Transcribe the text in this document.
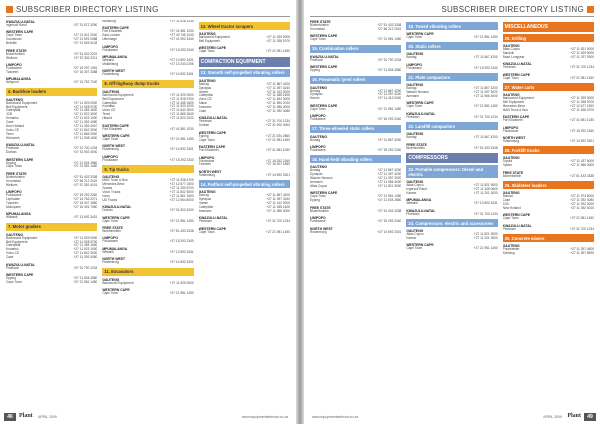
SUBSCRIBER DIRECTORY LISTING
KWAZULU-NATAL
Ingersoll Rand	+27 31 572 3290
WESTERN CAPE
Cape Town	+27 21 511 2040
Goodwood	+27 21 591 0088
Bellville	+27 21 949 4133
FREE STATE
Bloemfontein	+27 51 432 2222
Welkom	+27 57 352 2211
LIMPOPO
Polokwane	+27 15 297 1391
Tzaneen	+27 15 307 3388
MPUMALANGA
Nelspruit	+27 13 752 7100
4. Backhoe loaders
GAUTENG
Barloworld Equipment	+27 11 929 0000
Bell Equipment	+27 11 928 9700
Caterpillar	+27 11 455 1600
JCB	+27 11 922 3000
Komatsu	+27 11 923 1000
Case	+27 11 392 4080
New Holland	+27 11 392 4010
Volvo CE	+27 11 842 3000
Terex	+27 11 865 2540
Hidromek	+27 11 908 1600
KWAZULU-NATAL
Pinetown	+27 31 700 1234
Durban	+27 31 902 4000
WESTERN CAPE
Epping	+27 21 534 2860
Cape Town	+27 21 981 1450
FREE STATE
Bloemfontein	+27 51 433 3338
Kroonstad	+27 56 212 2022
Welkom	+27 57 352 4101
LIMPOPO
Polokwane	+27 15 292 2340
Lephalale	+27 14 763 2271
Tzaneen	+27 15 307 1850
Mokopane	+27 15 491 7060
MPUMALANGA
Witbank	+27 13 692 3431
7. Motor graders
GAUTENG
Barloworld Equipment	+27 11 929 0000
Bell Equipment	+27 11 928 9700
Caterpillar	+27 11 455 1600
Komatsu	+27 11 923 1000
Volvo CE	+27 11 842 3000
Case	+27 11 392 4080
KWAZULU-NATAL
Pinetown	+27 31 700 1234
WESTERN CAPE
Epping	+27 21 534 2860
Cape Town	+27 21 981 1450
Boksburg	+27 11 918 1234
EASTERN CAPE
Port Elizabeth	+27 41 581 1030
East London	+27 43 745 1040
Uitenhage	+27 41 992 3340
LIMPOPO
Polokwane	+27 15 292 2340
MPUMALANGA
Witbank	+27 13 692 3431
Middelburg	+27 13 243 2255
NORTH WEST
Rustenburg	+27 14 592 3301
8. Off-highway dump trucks
GAUTENG
Barloworld Equipment	+27 11 929 0000
Bell Equipment	+27 11 928 9700
Caterpillar	+27 11 455 1600
Komatsu	+27 11 923 1000
Volvo CE	+27 11 842 3000
Terex	+27 11 865 2540
Hitachi	+27 11 823 2222
EASTERN CAPE
Port Elizabeth	+27 41 581 1030
WESTERN CAPE
Cape Town	+27 21 981 1450
NORTH WEST
Rustenburg	+27 14 592 3301
LIMPOPO
Polokwane	+27 15 292 2340
9. Tip trucks
GAUTENG
MAN Truck & Bus	+27 11 928 4700
Mercedes-Benz	+27 12 677 1500
Scania	+27 11 250 6700
Volvo Trucks	+27 11 842 5000
Iveco	+27 11 861 3400
UD Trucks	+27 12 564 8000
KWAZULU-NATAL
Durban	+27 31 902 4000
WESTERN CAPE
Cape Town	+27 21 981 1450
FREE STATE
Bloemfontein	+27 51 433 3338
LIMPOPO
Polokwane	+27 15 292 2340
MPUMALANGA
Witbank	+27 13 692 3431
NORTH WEST
Rustenburg	+27 14 592 3301
11. Excavators
GAUTENG
Barloworld Equipment	+27 11 929 0000
WESTERN CAPE
Cape Town	+27 21 981 1450
12. Wheel tractor scrapers
GAUTENG
Barloworld Equipment	+27 11 929 0000
Bell Equipment	+27 11 928 9700
WESTERN CAPE
Cape Town	+27 21 981 1450
COMPACTION EQUIPMENT
13. Smooth self-propelled vibrating rollers
GAUTENG
Bomag	+27 11 867 4200
Dynapac	+27 11 397 4240
Hamm	+27 11 412 0000
Caterpillar	+27 11 455 1600
Volvo CE	+27 11 842 3000
Sakai	+27 11 894 2020
Ammann	+27 11 966 4000
Case	+27 11 392 4080
KWAZULU-NATAL
Pinetown	+27 31 700 1234
Durban	+27 31 902 4000
WESTERN CAPE
Epping	+27 21 534 2860
Cape Town	+27 21 981 1450
EASTERN CAPE
Port Elizabeth	+27 41 581 1030
LIMPOPO
Polokwane	+27 15 292 2340
Tzaneen	+27 15 307 1850
NORTH WEST
Rustenburg	+27 14 592 3301
14. Padfoot self-propelled vibrating rollers
GAUTENG
Bomag	+27 11 867 4200
Dynapac	+27 11 397 4240
Hamm	+27 11 412 0000
Caterpillar	+27 11 455 1600
Ammann	+27 11 966 4000
KWAZULU-NATAL
Pinetown	+27 31 700 1234
WESTERN CAPE
Cape Town	+27 21 981 1450
46	Plant APRIL 2009	www.equipmentselector.co.za
SUBSCRIBER DIRECTORY LISTING
FREE STATE
Bloemfontein	+27 51 433 3338
Kroonstad	+27 56 212 2022
WESTERN CAPE
Cape Town	+27 21 981 1450
15. Combination rollers
KWAZULU-NATAL
Pinetown	+27 31 700 1234
WESTERN CAPE
Epping	+27 21 534 2860
16. Pneumatic tyred rollers
GAUTENG
Bomag	+27 11 867 4200
Dynapac	+27 11 397 4240
Hamm	+27 11 412 0000
WESTERN CAPE
Cape Town	+27 21 981 1450
LIMPOPO
Polokwane	+27 15 292 2340
17. Three-wheeled static rollers
GAUTENG
Bomag	+27 11 867 4200
LIMPOPO
Polokwane	+27 15 292 2340
18. Hand-held vibrating rollers
GAUTENG
Bomag	+27 11 867 4200
Dynapac	+27 11 397 4240
Wacker Neuson	+27 11 397 3020
Ammann	+27 11 966 4000
Atlas Copco	+27 11 821 9000
WESTERN CAPE
Cape Town	+27 21 981 1450
Epping	+27 21 534 2860
FREE STATE
Bloemfontein	+27 51 433 3338
LIMPOPO
Polokwane	+27 15 292 2340
NORTH WEST
Rustenburg	+27 14 592 3301
19. Towed vibrating rollers
WESTERN CAPE
Cape Town	+27 21 981 1450
20. Static rollers
GAUTENG
Bomag	+27 11 867 4200
LIMPOPO
Polokwane	+27 15 292 2340
21. Plate compactors
GAUTENG
Bomag	+27 11 867 4200
Wacker Neuson	+27 11 397 3020
Ammann	+27 11 966 4000
WESTERN CAPE
Cape Town	+27 21 981 1450
KWAZULU-NATAL
Pinetown	+27 31 700 1234
22. Landfill compactors
GAUTENG
Bomag	+27 11 867 4200
FREE STATE
Bloemfontein	+27 51 433 3338
COMPRESSORS
23. Portable compressors: Diesel and electric
GAUTENG
Atlas Copco	+27 11 821 9000
Ingersoll Rand	+27 11 345 0600
Kaeser	+27 11 201 3000
MPUMALANGA
Witbank	+27 13 692 3431
KWAZULU-NATAL
Pinetown	+27 31 700 1234
24. Compressors: electric and accessories
GAUTENG
Atlas Copco	+27 11 821 9000
Kaeser	+27 11 201 3000
WESTERN CAPE
Cape Town	+27 21 981 1450
MISCELLANEOUS
25. Drilling
GAUTENG
Atlas Copco	+27 11 821 9000
Sandvik	+27 11 929 5000
Boart Longyear	+27 11 767 9300
KWAZULU-NATAL
Pinetown	+27 31 700 1234
WESTERN CAPE
Cape Town	+27 21 981 1450
27. Water carts
GAUTENG
Barloworld Equipment	+27 11 929 0000
Bell Equipment	+27 11 928 9700
Mercedes-Benz	+27 12 677 1500
MAN Truck & Bus	+27 11 928 4700
EASTERN CAPE
Port Elizabeth	+27 41 581 1030
LIMPOPO
Polokwane	+27 15 292 2340
NORTH WEST
Rustenburg	+27 14 592 3301
28. Forklift trucks
GAUTENG
Toyota	+27 11 437 6000
Hyster	+27 11 966 3000
FREE STATE
Bloemfontein	+27 51 433 3338
29. Skidsteer loaders
GAUTENG
Bobcat	+27 11 974 6000
Case	+27 11 392 4080
JCB	+27 11 922 3000
New Holland	+27 11 392 4010
WESTERN CAPE
Cape Town	+27 21 981 1450
KWAZULU-NATAL
Pinetown	+27 31 700 1234
30. Concrete mixers
GAUTENG
Putzmeister	+27 11 397 4500
Schwing	+27 11 397 8590
49
Plant
APRIL 2009
www.equipmentselector.co.za
